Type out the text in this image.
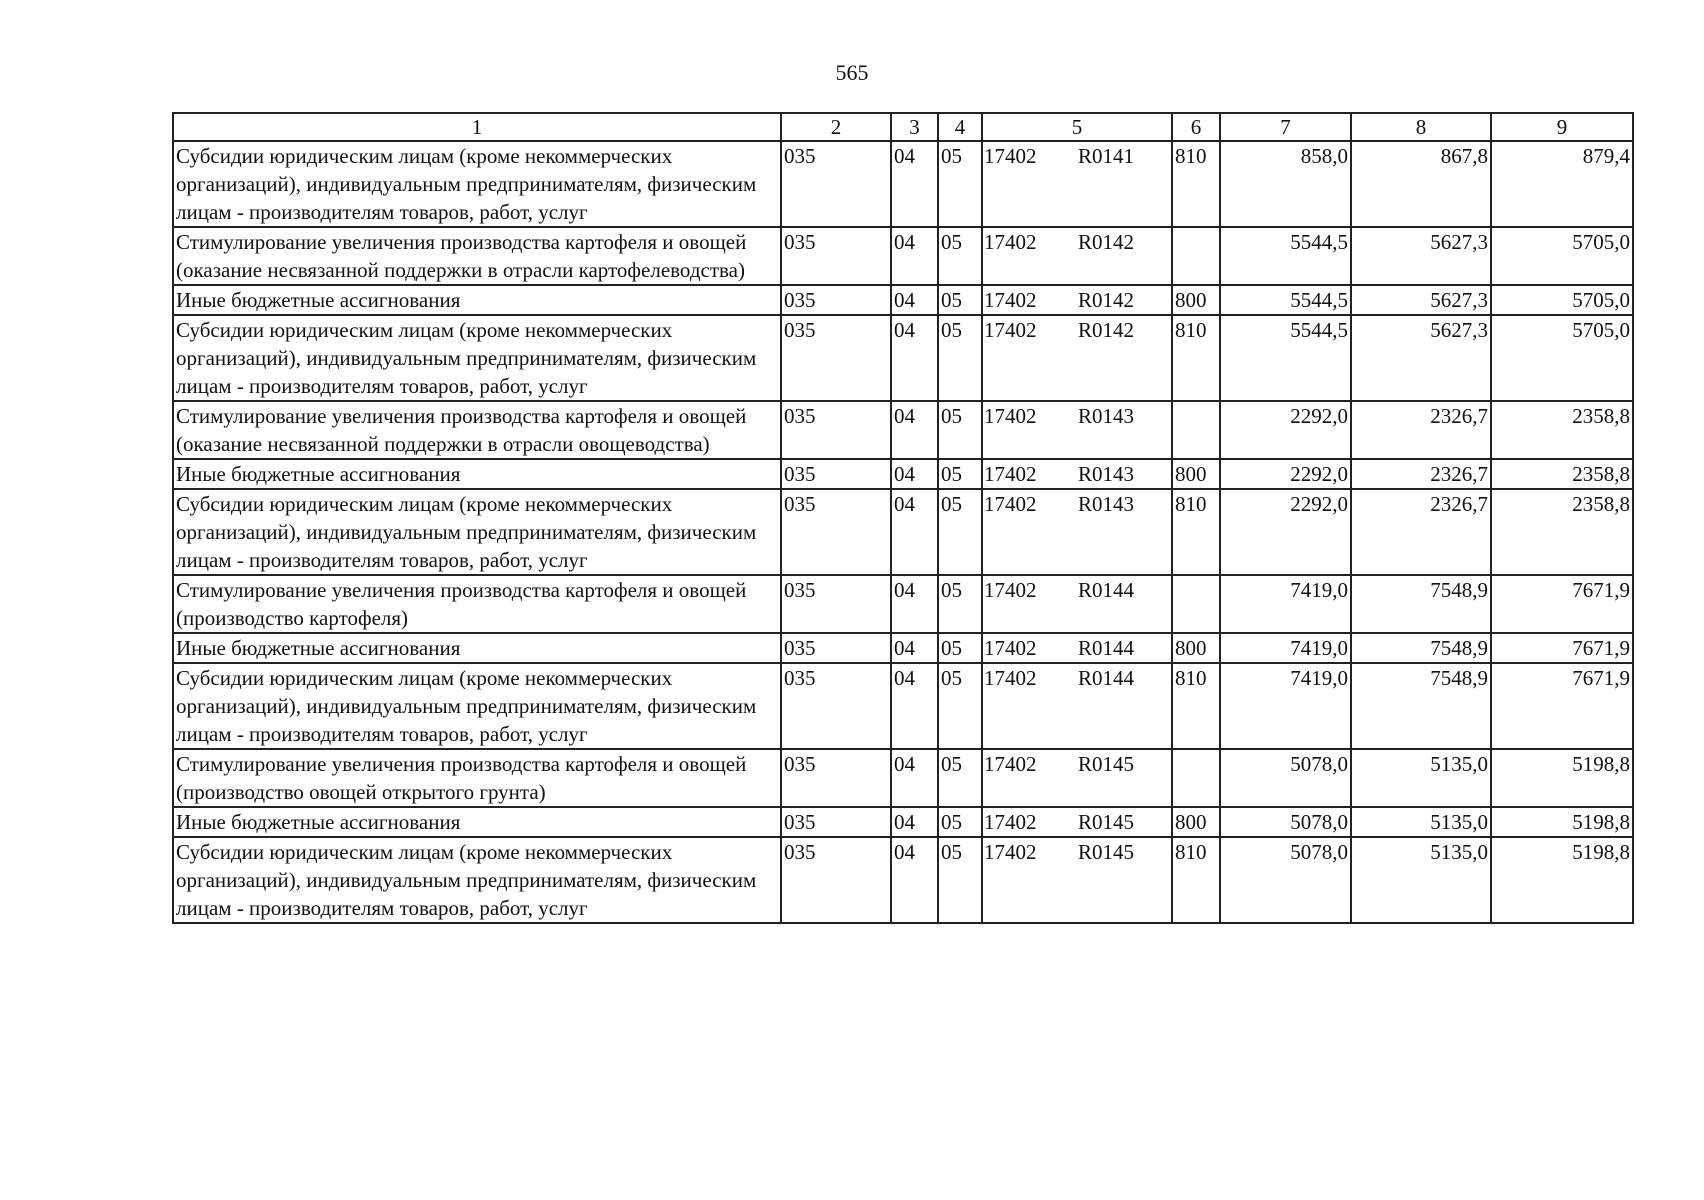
565
1	2	3	4	5	6	7	8	9
Субсидии юридическим лицам (кроме некоммерческих организаций), индивидуальным предпринимателям, физическим лицам - производителям товаров, работ, услуг	035	04	05	17402 R0141	810	858,0	867,8	879,4
Стимулирование увеличения производства картофеля и овощей (оказание несвязанной поддержки в отрасли картофелеводства)	035	04	05	17402 R0142		5544,5	5627,3	5705,0
Иные бюджетные ассигнования	035	04	05	17402 R0142	800	5544,5	5627,3	5705,0
Субсидии юридическим лицам (кроме некоммерческих организаций), индивидуальным предпринимателям, физическим лицам - производителям товаров, работ, услуг	035	04	05	17402 R0142	810	5544,5	5627,3	5705,0
Стимулирование увеличения производства картофеля и овощей (оказание несвязанной поддержки в отрасли овощеводства)	035	04	05	17402 R0143		2292,0	2326,7	2358,8
Иные бюджетные ассигнования	035	04	05	17402 R0143	800	2292,0	2326,7	2358,8
Субсидии юридическим лицам (кроме некоммерческих организаций), индивидуальным предпринимателям, физическим лицам - производителям товаров, работ, услуг	035	04	05	17402 R0143	810	2292,0	2326,7	2358,8
Стимулирование увеличения производства картофеля и овощей (производство картофеля)	035	04	05	17402 R0144		7419,0	7548,9	7671,9
Иные бюджетные ассигнования	035	04	05	17402 R0144	800	7419,0	7548,9	7671,9
Субсидии юридическим лицам (кроме некоммерческих организаций), индивидуальным предпринимателям, физическим лицам - производителям товаров, работ, услуг	035	04	05	17402 R0144	810	7419,0	7548,9	7671,9
Стимулирование увеличения производства картофеля и овощей (производство овощей открытого грунта)	035	04	05	17402 R0145		5078,0	5135,0	5198,8
Иные бюджетные ассигнования	035	04	05	17402 R0145	800	5078,0	5135,0	5198,8
Субсидии юридическим лицам (кроме некоммерческих организаций), индивидуальным предпринимателям, физическим лицам - производителям товаров, работ, услуг	035	04	05	17402 R0145	810	5078,0	5135,0	5198,8
